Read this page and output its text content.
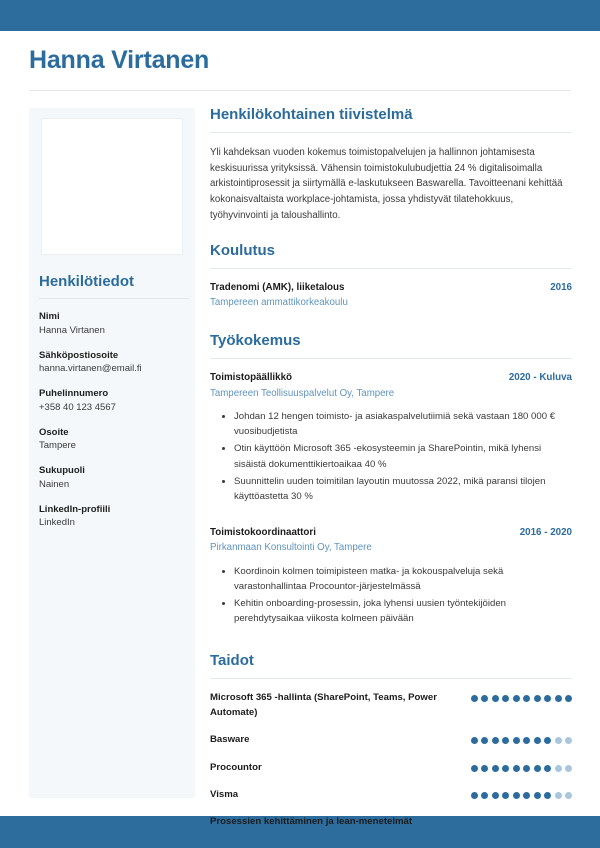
Hanna Virtanen
Henkilötiedot
Nimi
Hanna Virtanen
Sähköpostiosoite
hanna.virtanen@email.fi
Puhelinnumero
+358 40 123 4567
Osoite
Tampere
Sukupuoli
Nainen
LinkedIn-profiili
LinkedIn
Henkilökohtainen tiivistelmä

Yli kahdeksan vuoden kokemus toimistopalvelujen ja hallinnon johtamisesta keskisuurissa yrityksissä. Vähensin toimistokulubudjettia 24 % digitalisoimalla arkistointiprosessit ja siirtymällä e-laskutukseen Baswarella. Tavoitteenani kehittää kokonaisvaltaista workplace-johtamista, jossa yhdistyvät tilatehokkuus, työhyvinvointi ja taloushallinto.

Koulutus
Tradenomi (AMK), liiketalous	2016
Tampereen ammattikorkeakoulu
Työkokemus
Toimistopäällikkö	2020 - Kuluva
Tampereen Teollisuuspalvelut Oy, Tampere
• Johdan 12 hengen toimisto- ja asiakaspalvelutiimiä sekä vastaan 180 000 € vuosibudjetista
• Otin käyttöön Microsoft 365 -ekosysteemin ja SharePointin, mikä lyhensi sisäistä dokumenttikiertoaikaa 40 %
• Suunnittelin uuden toimitilan layoutin muutossa 2022, mikä paransi tilojen käyttöastetta 30 %
Toimistokoordinaattori	2016 - 2020
Pirkanmaan Konsultointi Oy, Tampere
• Koordinoin kolmen toimipisteen matka- ja kokouspalveluja sekä varastonhallintaa Procountor-järjestelmässä
• Kehitin onboarding-prosessin, joka lyhensi uusien työntekijöiden perehdytysaikaa viikosta kolmeen päivään
Taidot
Microsoft 365 -hallinta (SharePoint, Teams, Power Automate)
Basware
Procountor
Visma
Prosessien kehittäminen ja lean-menetelmät
